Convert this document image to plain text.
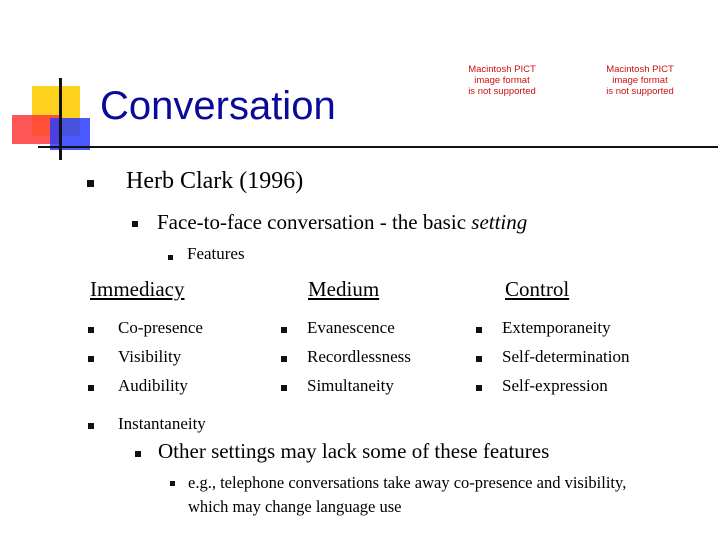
Conversation
Macintosh PICT
image format
is not supported
Macintosh PICT
image format
is not supported
Herb Clark (1996)
Face-to-face conversation - the basic setting
Features
Immediacy	Medium	Control
Co-presence
Visibility
Audibility
Instantaneity
Evanescence
Recordlessness
Simultaneity
Extemporaneity
Self-determination
Self-expression
Other settings may lack some of these features
e.g., telephone conversations take away co-presence and visibility, which may change language use
